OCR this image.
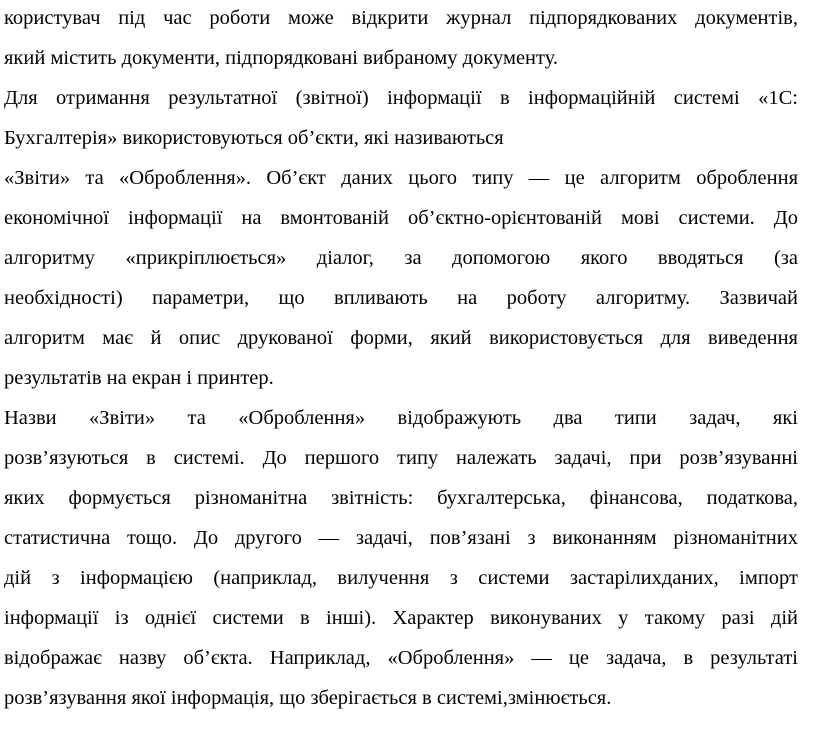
користувач під час роботи може відкрити журнал підпорядкованих документів,
який містить документи, підпорядковані вибраному документу.
Для отримання результатної (звітної) інформації в інформаційній системі «1С:
Бухгалтерія» використовуються об’єкти, які називаються
«Звіти» та «Оброблення». Об’єкт даних цього типу — це алгоритм оброблення
економічної інформації на вмонтованій об’єктно-орієнтованій мові системи. До
алгоритму «прикріплюється» діалог, за допомогою якого вводяться (за
необхідності) параметри, що впливають на роботу алгоритму. Зазвичай
алгоритм має й опис друкованої форми, який використовується для виведення
результатів на екран і принтер.
Назви «Звіти» та «Оброблення» відображують два типи задач, які
розв’язуються в системі. До першого типу належать задачі, при розв’язуванні
яких формується різноманітна звітність: бухгалтерська, фінансова, податкова,
статистична тощо. До другого — задачі, пов’язані з виконанням різноманітних
дій з інформацією (наприклад, вилучення з системи застарілихданих, імпорт
інформації із однієї системи в інші). Характер виконуваних у такому разі дій
відображає назву об’єкта. Наприклад, «Оброблення» — це задача, в результаті
розв’язування якої інформація, що зберігається в системі,змінюється.
